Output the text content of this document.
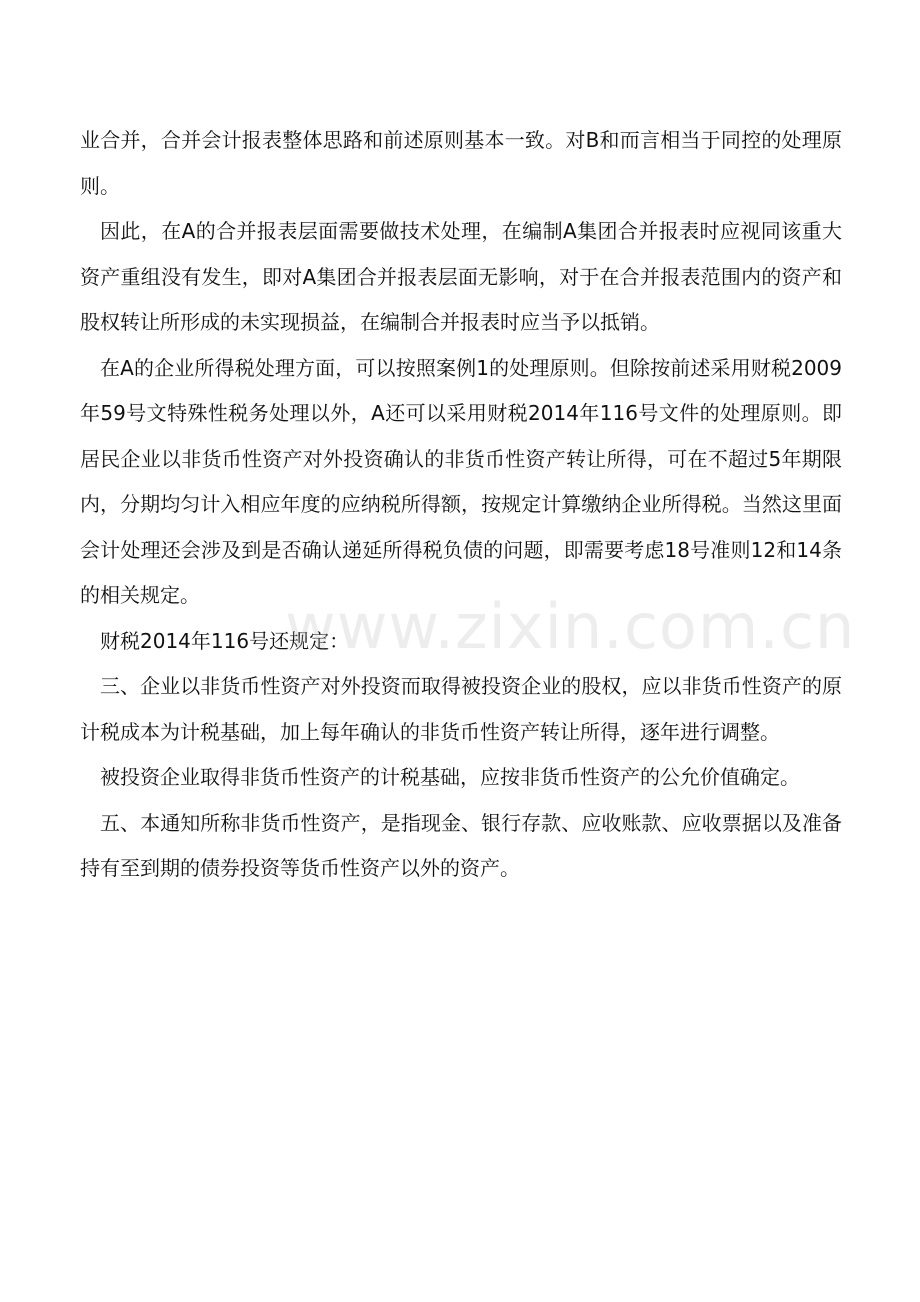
业合并，合并会计报表整体思路和前述原则基本一致。对B和而言相当于同控的处理原则。

因此，在A的合并报表层面需要做技术处理，在编制A集团合并报表时应视同该重大资产重组没有发生，即对A集团合并报表层面无影响，对于在合并报表范围内的资产和股权转让所形成的未实现损益，在编制合并报表时应当予以抵销。

在A的企业所得税处理方面，可以按照案例1的处理原则。但除按前述采用财税2009年59号文特殊性税务处理以外，A还可以采用财税2014年116号文件的处理原则。即居民企业以非货币性资产对外投资确认的非货币性资产转让所得，可在不超过5年期限内，分期均匀计入相应年度的应纳税所得额，按规定计算缴纳企业所得税。当然这里面会计处理还会涉及到是否确认递延所得税负债的问题，即需要考虑18号准则12和14条的相关规定。

财税2014年116号还规定：

三、企业以非货币性资产对外投资而取得被投资企业的股权，应以非货币性资产的原计税成本为计税基础，加上每年确认的非货币性资产转让所得，逐年进行调整。

被投资企业取得非货币性资产的计税基础，应按非货币性资产的公允价值确定。

五、本通知所称非货币性资产，是指现金、银行存款、应收账款、应收票据以及准备持有至到期的债券投资等货币性资产以外的资产。

www.zixin.com.cn
